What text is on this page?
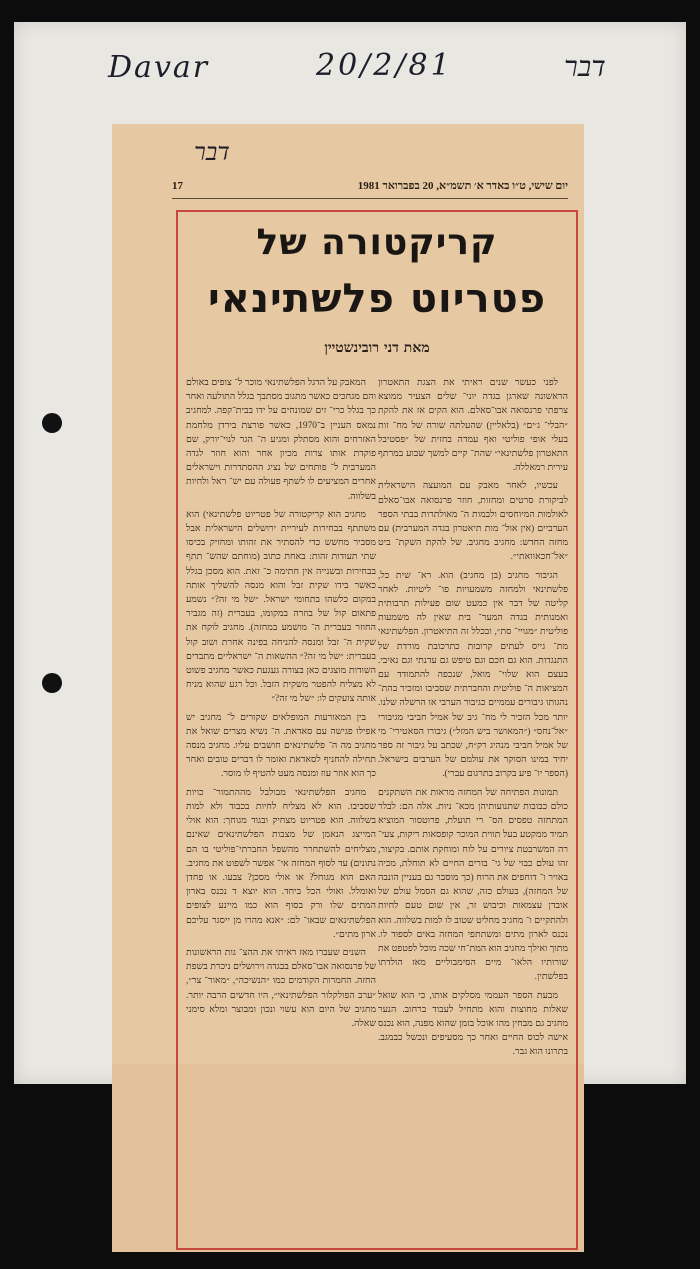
Davar	20/2/81	דבר
דבר
יום שישי, ט״ו באדר א׳ תשמ״א, 20 בפברואר 1981
17
קריקטורה של
פטריוט פלשתינאי
מאת דני רובינשטיין

לפני כעשר שנים ראיתי את הצגת התאטרון הראשונה שארגן בגדה יוני־ שלים הצעיר ממוצא צרפתי פרנסואה אבו־סאלם. הוא הקים אז את להקת ״הבלי־ ג׳ים״ (בלאליין) שהעלתה שורה של מח־ זות בעלי אופי פוליטי ואף עמדה בחזית של ״פסטיבל התאטרון פלשתינאי״ שהת־ קיים למשך שבוע במרתף עירית רמאללה.

עכשיו, לאחר מאבק עם המועצה הישראלית לביקורת סרטים ומחזות, חוזר פרנסואה אבו־סאלם לאולמות המיוחסים ולבמות ה־ מאולתרות בבתי הספר הערביים (אין אול־ מות תיאטרון בגדה המערבית) עם מחזה החדש: מחגיב מחגיב. של להקת השקת־ ביט ״אל־חכאוואתי״.

הגיבור מחגיב (בן מחגיב) הוא. רא־ שית כל, פלשתינאי ולמחזה משמעויות פו־ ליטיות. לאחר קליטה של דבר אין כמעט שום פעילות תרבותית ואמנותית בגדה המער־ בית שאין לה משמעות פוליטית ״מגויי־ סת״, ובכלל זה התיאטרון. הפלשתינאי מת־ גייס לעתים קרובות כתרכובת מורדת של התנגדות. הוא גם חכם וגם טיפש גם עדנתי וגם נאיבי. בעצם הוא שלוי־ מואל, שנכפה להתמודד עם המציאות ה־ פוליטית והחברתית שסביבו ומזכיר בהת־ נהגותו גיבורים עממיים כגיבור הערבי או הרשלה שלנו. יותר מכל הזכיר לי מח־ גיב של אמיל חביבי מגיבורי ״אל־נחס״ (״המאושר ביש המזל״) גיבורו הסאטירי־ מי של אמיל חביבי מנהיג רק״ח, שכתב על גיבור זה ספר יחיד במינו הסוקר את עולמם של הערבים בישראל. (הספר יו־ פיע בקרוב בתרגום עברי).

תמונות הפתיחה של המחזה מראות את השתקנים כולם כבובות שתנועותיהן מכא־ ניות. אלה הם: לבלר המתחזה טפסים הס־ רי תועלת, פרוטסור המוציא תמיד ממקטע בעל תווית המוכר קופסאות ריקות, צעי־ רה המשרבטת ציורים על לוח ומוחקת אותם. בקיצור, זהו עולם כבוי של גי־ בורים החיים לא תוחלת, מכיה באויר ו־ דוחפים את הרוח (כך מוסבר גם בעניין הונבה של המחזה), בעולם כזה, שהוא גם הסמל עולם של אובדן עצמאות וכיבוש זר, אין שום טעם לחיות ולהתקיים ו־ מחגיב מחליט שטוב לו למות בשלווה. הוא נכנס לארון מתים ומשתתפי המחזה באים לספוד לו. מתוך ואילך מחגיב הוא המת־חי שכה מוכל לפטפט את שורותיו הלאו־ מיים הסימבוליים מאז הולדתו בפלשתין.

מבעת הספר העממי מסלקים אותו, כי הוא שואל שאלות מחוצות והוא מתחיל לעבוד ברחוב. הנער מחגיב גם מבחין מהו אוכל בזמן שהוא מפנה, הוא נכנס אישה לכוס החיים ואחר כך מסעיפים ונכשל כבמגב. בתרונו הוא גבר.

המאבק על הדגל הפלשתינאי מוכר ל־ צופים באולם והם מגחכים כאשר מתגוב מסתבך בגלל התולעה ואחר כך בגלל כרי־ זים שמונחים על ידו בבית־קפה. למחגיב נמאס העניין ב־1970, כאשר פורצת בירדן מלחמת האזרחים והוא מסתלק ומגיע ה־ הגר לנוי־יורק, שם פוקדת אותו צרות מכיון אחר והוא חוזר לגדה המערבית ל־ פותחים של נציג ההסתדרות וישראלים אחרים המציעים לו לשתף פעולה עם יש־ ראל ולחיות בשלווה.

מחגיב הוא קריקטורה של פטריוט פלשתינאי) הוא משתתף בבחירות לעיריית ירושלים הישראלית אבל מסביר מחשש כדי להסתיר את זהותו ומחזיק בכיסו שתי תעודות זהות: באחת כתוב (מוחתם שהש־ תתף בבחירות ובשנייה אין חתימה כ־ זאת. הוא מסכן בגלל כאשר בידו שקית זבל והוא מנסה להשליך אותה במקום כלשהו בתחומי ישראל. ״של מי זה?״ נשמע פתאום קול של בוזרה במקומו, בעברית (זה מגביר החוזר בעברית ה־ מושמע במחזה). מחגיב לוקח את שקית ה־ זבל ומנסה להניחה בפינה אחרת ושוב קול בעברית: ״של מי זה?״ ההשאות ה־ ישראליים מתבדים השודות מוצגים כאן בצורה געגעת כאשר מחגיב פשוט לא מצליח להפטר משקית הזבל. וכל רגע שהוא מניח אותה צועקים לו: ״של מי זה?״

בין המאורעות המופלאים שקורים ל־ מחגיב יש אפילו פגישה עם סאדאת. ה־ נשיא מצרים שואל את מחגיב מה ה־ פלשתינאים חושבים עליו. מחגיב מנסה תחילה להחניף לסאדאת ואומר לו דברים טובים ואחר כך הוא אוזר עוז ומנסה מעט להטיף לו מוסר.

מחגיב הפלשתינאי מבולבל מההתמור־ כויות שסביבו. הוא לא מצליח לחיות בכבוד ולא למות בשלווה. הוא פטריוט מצחיק ובגוד מגוחך: הוא אולי המייצג הנאמן של מצבות הפלשתינאים שאינם מצליחים להשתחרר מהשפל החברתי־פוליטי בו הם נתונים) עד לסוף המחזה אי־ אפשר לשפוט את מחגיב. האם הוא מגוחל? או אולי מסכן? צבעו. או פחדן ואומלל. ואולי הכל ביחד. הוא יוצא ד נכנס בארון המתים שלו ורק בסוף הוא כמו מיינע לצופים הפלשתינאים שבאו־ לם: ״אנא מהרו מן ייסגר עליכם ארון מתים״.

השנים שעברו מאז ראיתי את ההצ־ גות הראשונות של פרנסואה אבו־סאלם בבגדה וירושלים ניכרת בשפת החזה. החמרות הקודמים כמו ״הנשיכה״, ״מאור־ צר״, ״ערב הפולקלור הפלשתינאי״, היו חדשים הרבה יותר. מחגיב של היום הוא עשוי ונכון ומבוצר ומלא סימני שאלה.
